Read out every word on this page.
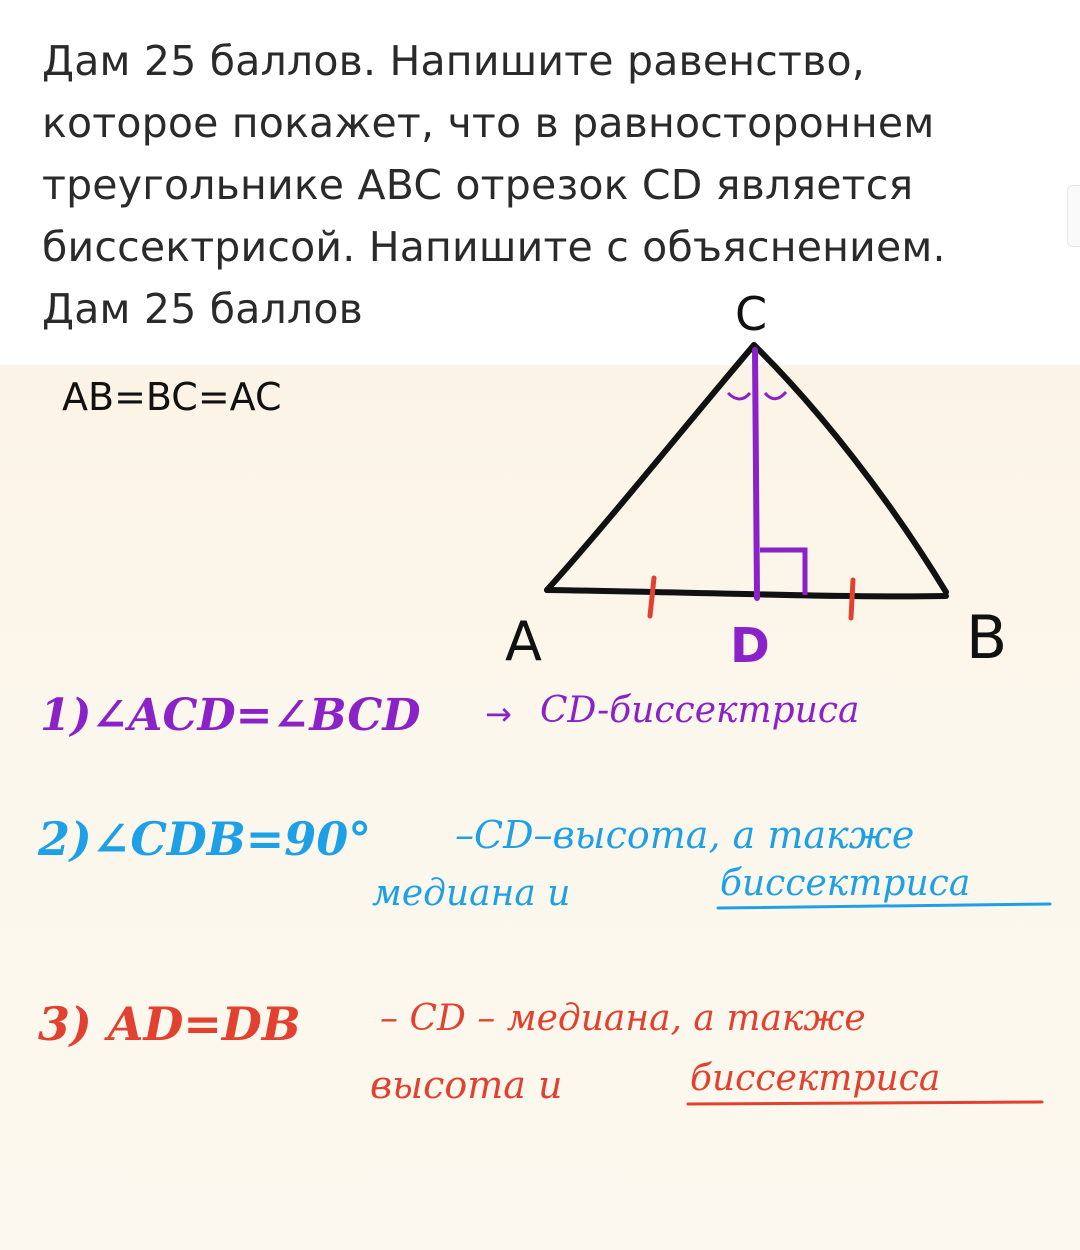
Дам 25 баллов. Напишите равенство,
которое покажет, что в равностороннем
треугольнике ABC отрезок CD является
биссектрисой. Напишите с объяснением.
Дам 25 баллов
AB=BC=AC
C
A	B
D
1)∠ACD=∠BCD → CD-биссектриса
2)∠CDB=90° –CD–высота, а также
медиана и	биссектриса
3) AD=DB – CD – медиана, а также
высота и	биссектриса
